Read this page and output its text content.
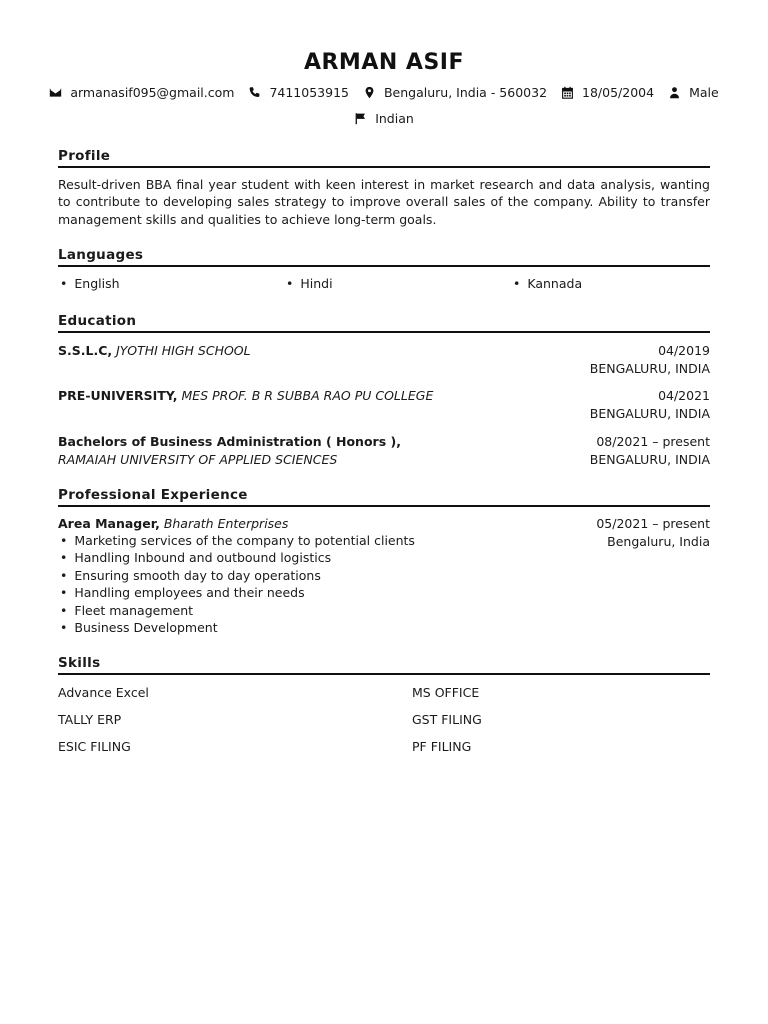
ARMAN ASIF
armanasif095@gmail.com	7411053915	Bengaluru, India - 560032	18/05/2004	Male
Indian
Profile
Result-driven BBA final year student with keen interest in market research and data analysis, wanting to contribute to developing sales strategy to improve overall sales of the company. Ability to transfer management skills and qualities to achieve long-term goals.
Languages
• English	• Hindi	• Kannada
Education
S.S.L.C, JYOTHI HIGH SCHOOL	04/2019
BENGALURU, INDIA
PRE-UNIVERSITY, MES PROF. B R SUBBA RAO PU COLLEGE	04/2021
BENGALURU, INDIA
Bachelors of Business Administration ( Honors ),
RAMAIAH UNIVERSITY OF APPLIED SCIENCES
08/2021 – present
BENGALURU, INDIA
Professional Experience
Area Manager, Bharath Enterprises	05/2021 – present
Bengaluru, India
• Marketing services of the company to potential clients
• Handling Inbound and outbound logistics
• Ensuring smooth day to day operations
• Handling employees and their needs
• Fleet management
• Business Development
Skills
Advance Excel	MS OFFICE
TALLY ERP	GST FILING
ESIC FILING	PF FILING
